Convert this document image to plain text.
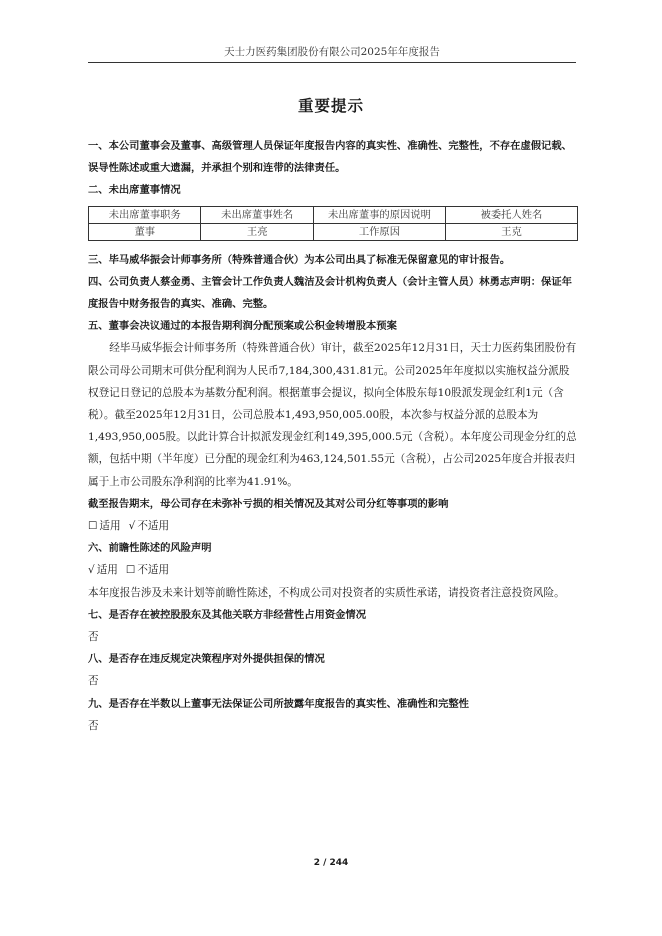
天士力医药集团股份有限公司2025年年度报告
重要提示

一、本公司董事会及董事、高级管理人员保证年度报告内容的真实性、准确性、完整性，不存在虚假记载、误导性陈述或重大遗漏，并承担个别和连带的法律责任。

二、未出席董事情况

未出席董事职务	未出席董事姓名	未出席董事的原因说明	被委托人姓名
董事	王亮	工作原因	王克

三、毕马威华振会计师事务所（特殊普通合伙）为本公司出具了标准无保留意见的审计报告。

四、公司负责人蔡金勇、主管会计工作负责人魏洁及会计机构负责人（会计主管人员）林勇志声明：保证年度报告中财务报告的真实、准确、完整。

五、董事会决议通过的本报告期利润分配预案或公积金转增股本预案

经毕马威华振会计师事务所（特殊普通合伙）审计，截至2025年12月31日，天士力医药集团股份有限公司母公司期末可供分配利润为人民币7,184,300,431.81元。公司2025年年度拟以实施权益分派股权登记日登记的总股本为基数分配利润。根据董事会提议，拟向全体股东每10股派发现金红利1元（含税）。截至2025年12月31日，公司总股本1,493,950,005.00股，本次参与权益分派的总股本为1,493,950,005股。以此计算合计拟派发现金红利149,395,000.5元（含税）。本年度公司现金分红的总额，包括中期（半年度）已分配的现金红利为463,124,501.55元（含税），占公司2025年度合并报表归属于上市公司股东净利润的比率为41.91%。

截至报告期末，母公司存在未弥补亏损的相关情况及其对公司分红等事项的影响

☐ 适用 √ 不适用

六、前瞻性陈述的风险声明

√ 适用 ☐ 不适用

本年度报告涉及未来计划等前瞻性陈述，不构成公司对投资者的实质性承诺，请投资者注意投资风险。

七、是否存在被控股股东及其他关联方非经营性占用资金情况

否

八、是否存在违反规定决策程序对外提供担保的情况

否

九、是否存在半数以上董事无法保证公司所披露年度报告的真实性、准确性和完整性

否

2 / 244
